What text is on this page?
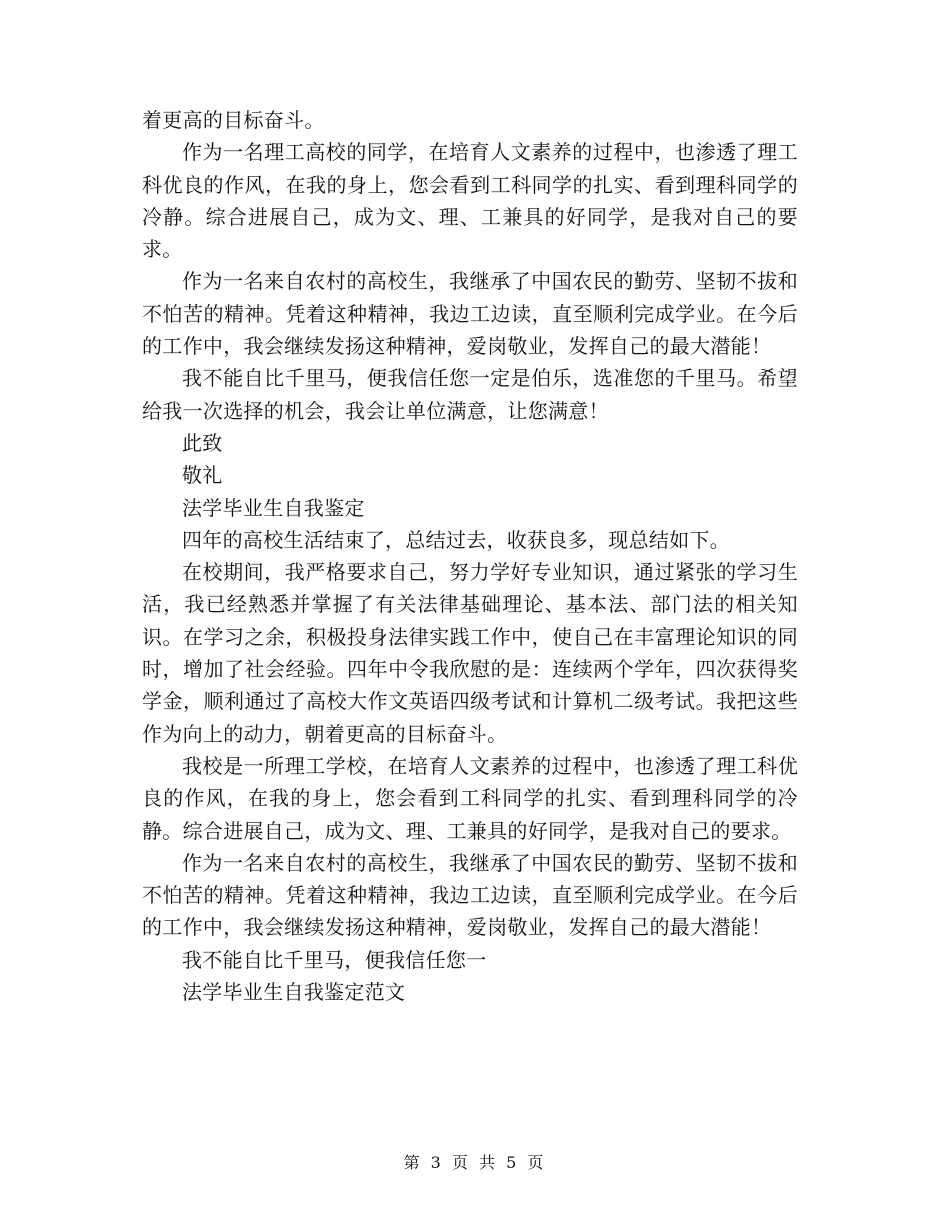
着更高的目标奋斗。

作为一名理工高校的同学，在培育人文素养的过程中，也渗透了理工科优良的作风，在我的身上，您会看到工科同学的扎实、看到理科同学的冷静。综合进展自己，成为文、理、工兼具的好同学，是我对自己的要求。

作为一名来自农村的高校生，我继承了中国农民的勤劳、坚韧不拔和不怕苦的精神。凭着这种精神，我边工边读，直至顺利完成学业。在今后的工作中，我会继续发扬这种精神，爱岗敬业，发挥自己的最大潜能！

我不能自比千里马，便我信任您一定是伯乐，选准您的千里马。希望给我一次选择的机会，我会让单位满意，让您满意！

此致

敬礼

法学毕业生自我鉴定

四年的高校生活结束了，总结过去，收获良多，现总结如下。

在校期间，我严格要求自己，努力学好专业知识，通过紧张的学习生活，我已经熟悉并掌握了有关法律基础理论、基本法、部门法的相关知识。在学习之余，积极投身法律实践工作中，使自己在丰富理论知识的同时，增加了社会经验。四年中令我欣慰的是：连续两个学年，四次获得奖学金，顺利通过了高校大作文英语四级考试和计算机二级考试。我把这些作为向上的动力，朝着更高的目标奋斗。

我校是一所理工学校，在培育人文素养的过程中，也渗透了理工科优良的作风，在我的身上，您会看到工科同学的扎实、看到理科同学的冷静。综合进展自己，成为文、理、工兼具的好同学，是我对自己的要求。

作为一名来自农村的高校生，我继承了中国农民的勤劳、坚韧不拔和不怕苦的精神。凭着这种精神，我边工边读，直至顺利完成学业。在今后的工作中，我会继续发扬这种精神，爱岗敬业，发挥自己的最大潜能！

我不能自比千里马，便我信任您一

法学毕业生自我鉴定范文

第 3 页 共 5 页
